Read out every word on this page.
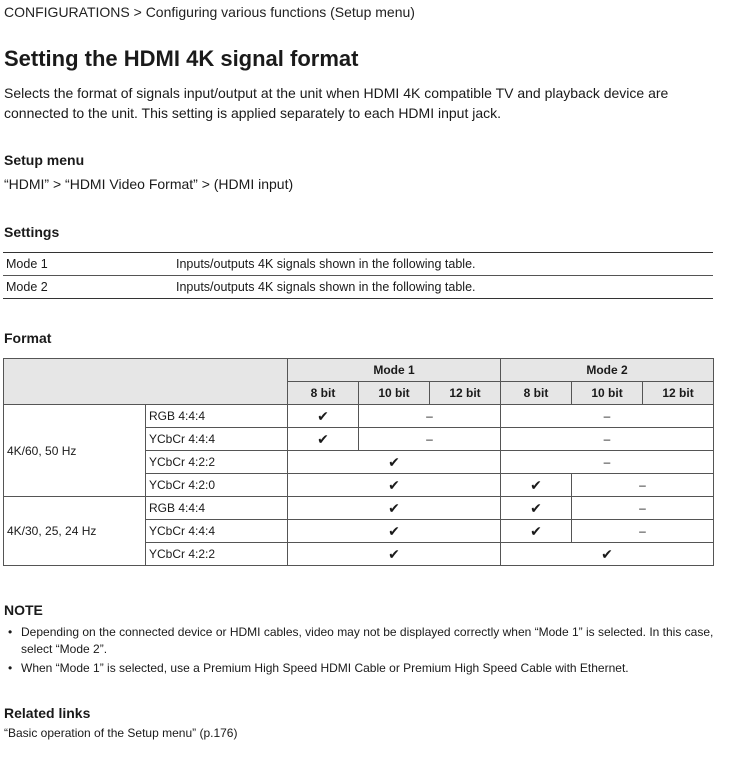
CONFIGURATIONS > Configuring various functions (Setup menu)
Setting the HDMI 4K signal format

Selects the format of signals input/output at the unit when HDMI 4K compatible TV and playback device are connected to the unit. This setting is applied separately to each HDMI input jack.

Setup menu
“HDMI” > “HDMI Video Format” > (HDMI input)
Settings
Mode 1	Inputs/outputs 4K signals shown in the following table.
Mode 2	Inputs/outputs 4K signals shown in the following table.
Format
		Mode 1			Mode 2		
		8 bit	10 bit	12 bit	8 bit	10 bit	12 bit
4K/60, 50 Hz	RGB 4:4:4	✔	–		–		
	YCbCr 4:4:4	✔	–		–		
	YCbCr 4:2:2	✔			–		
	YCbCr 4:2:0	✔			✔	–	
4K/30, 25, 24 Hz	RGB 4:4:4	✔			✔	–	
	YCbCr 4:4:4	✔			✔	–	
	YCbCr 4:2:2	✔			✔		
NOTE
• Depending on the connected device or HDMI cables, video may not be displayed correctly when “Mode 1” is selected. In this case, select “Mode 2”.
• When “Mode 1” is selected, use a Premium High Speed HDMI Cable or Premium High Speed Cable with Ethernet.
Related links
“Basic operation of the Setup menu” (p.176)
